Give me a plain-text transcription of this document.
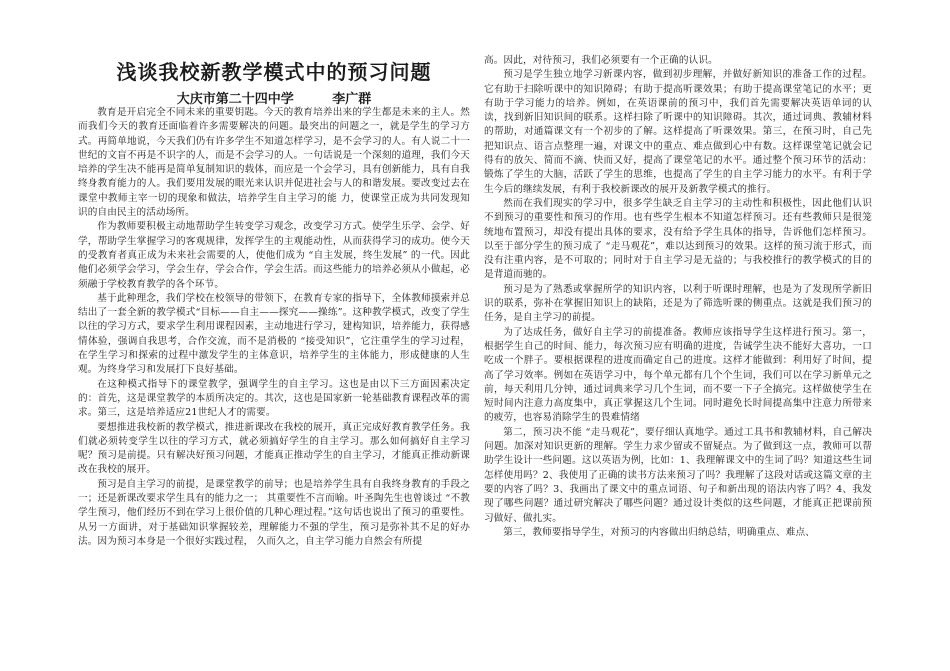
浅谈我校新教学模式中的预习问题
大庆市第二十四中学	李广群

教育是开启完全不同未来的重要钥匙。今天的教育培养出来的学生都是未来的主人。然而我们今天的教育还面临着许多需要解决的问题。最突出的问题之一，就是学生的学习方式。再简单地说，今天我们仍有许多学生不知道怎样学习，是不会学习的人。有人说二十一世纪的文盲不再是不识字的人，而是不会学习的人。一句话说是一个深刻的道理，我们今天培养的学生决不能再是简单复制知识的载体，而应是一个会学习，具有创新能力，具有自我终身教育能力的人。我们要用发展的眼光来认识并促进社会与人的和谐发展。要改变过去在课堂中教师主宰一切的现象和做法，培养学生自主学习的能 力，使课堂正成为共同发现知识的自由民主的活动场所。

作为教师要积极主动地帮助学生转变学习观念，改变学习方式。使学生乐学、会学、好学，帮助学生掌握学习的客观规律，发挥学生的主观能动性，从而获得学习的成功。使今天的受教育者真正成为未来社会需要的人，使他们成为 “自主发展，终生发展” 的一代。因此他们必须学会学习，学会生存，学会合作，学会生活。而这些能力的培养必须从小做起，必须融于学校教育教学的各个环节。

基于此种理念，我们学校在校领导的带领下，在教育专家的指导下，全体教师摸索并总结出了一套全新的教学模式“目标——自主——探究——操练”。这种教学模式，改变了学生以往的学习方式，要求学生利用课程因素，主动地进行学习，建构知识，培养能力，获得感情体验，强调自我思考，合作交流，而不是消极的 “接受知识”，它注重学生的学习过程，在学生学习和探索的过程中激发学生的主体意识，培养学生的主体能力，形成健康的人生观。为终身学习和发展打下良好基础。

在这种模式指导下的课堂教学，强调学生的自主学习。这也是由以下三方面因素决定的：首先，这是课堂教学的本质所决定的。其次，这也是国家新一轮基础教育课程改革的需求。第三，这是培养适应21世纪人才的需要。

要想推进我校新的教学模式，推进新课改在我校的展开，真正完成好教育教学任务。我们就必须转变学生以往的学习方式，就必须搞好学生的自主学习。那么如何搞好自主学习呢？预习是前提。只有解决好预习问题，才能真正推动学生的自主学习，才能真正推动新课改在我校的展开。

预习是自主学习的前提，是课堂教学的前导；也是培养学生具有自我终身教育的手段之一；还是新课改要求学生具有的能力之一； 其重要性不言而喻。叶圣陶先生也曾谈过 “不教学生预习，他们经历不到在学习上很价值的几种心理过程。”这句话也说出了预习的重要性。从另一方面讲，对于基础知识掌握较差，理解能力不强的学生，预习是弥补其不足的好办法。因为预习本身是一个很好实践过程， 久而久之，自主学习能力自然会有所提

高。因此，对待预习，我们必须要有一个正确的认识。

预习是学生独立地学习新课内容，做到初步理解，并做好新知识的准备工作的过程。它有助于扫除听课中的知识障碍；有助于提高听课效果；有助于提高课堂笔记的水平；更有助于学习能力的培养。例如，在英语课前的预习中，我们首先需要解决英语单词的认读，找到新旧知识间的联系。这样扫除了听课中的知识障碍。其次，通过词典、教辅材料的帮助，对通篇课文有一个初步的了解。这样提高了听课效果。第三，在预习时，自己先把知识点、语言点整理一遍，对课文中的重点、难点做到心中有数。这样课堂笔记就会记得有的放矢、简而不滴、快而又好，提高了课堂笔记的水平。通过整个预习环节的活动：锻炼了学生的大脑，活跃了学生的思维，也提高了学生的自主学习能力的水平。有利于学生今后的继续发展，有利于我校新课改的展开及新教学模式的推行。

然而在我们现实的学习中，很多学生缺乏自主学习的主动性和积极性，因此他们认识不到预习的重要性和预习的作用。也有些学生根本不知道怎样预习。还有些教师只是很笼统地布置预习，却没有提出具体的要求，没有给予学生具体的指导，告诉他们怎样预习。以至于部分学生的预习成了 “走马观花”，难以达到预习的效果。这样的预习流于形式，而没有注重内容，是不可取的；同时对于自主学习是无益的；与我校推行的教学模式的目的是背道而驰的。

预习是为了熟悉或掌握所学的知识内容，以利于听课时理解，也是为了发现所学新旧识的联系，弥补在掌握旧知识上的缺陷，还是为了筛选听课的侧重点。这就是我们预习的任务，是自主学习的前提。

为了达成任务，做好自主学习的前提准备。教师应该指导学生这样进行预习。第一，根据学生自己的时间、能力，每次预习应有明确的进度，告诫学生决不能好大喜功，一口吃成一个胖子。要根据课程的进度而确定自己的进度。这样才能做到：利用好了时间，提高了学习效率。例如在英语学习中，每个单元都有几个个生词，我们可以在学习新单元之前，每天利用几分钟，通过词典来学习几个生词，而不要一下子全搞完。这样做使学生在短时间内注意力高度集中，真正掌握这几个生词。同时避免长时间提高集中注意力所带来的疲劳，也容易消除学生的畏难情绪

第二，预习决不能 “走马观花”，要仔细认真地学。通过工具书和教辅材料，自己解决问题。加深对知识更新的理解。学生力求少留或不留疑点。为了做到这一点，教师可以帮助学生设计一些问题。这以英语为例，比如：1、我理解课文中的生词了吗？知道这些生词怎样使用吗？2、我使用了正确的读书方法来预习了吗？我理解了这段对话或这篇文章的主要的内容了吗？3、我画出了课文中的重点词语、句子和新出现的语法内容了吗？4、我发现了哪些问题？通过研究解决了哪些问题？通过设计类似的这些问题，才能真正把课前预习做好、做扎实。

第三，教师要指导学生，对预习的内容做出归纳总结，明确重点、难点、
